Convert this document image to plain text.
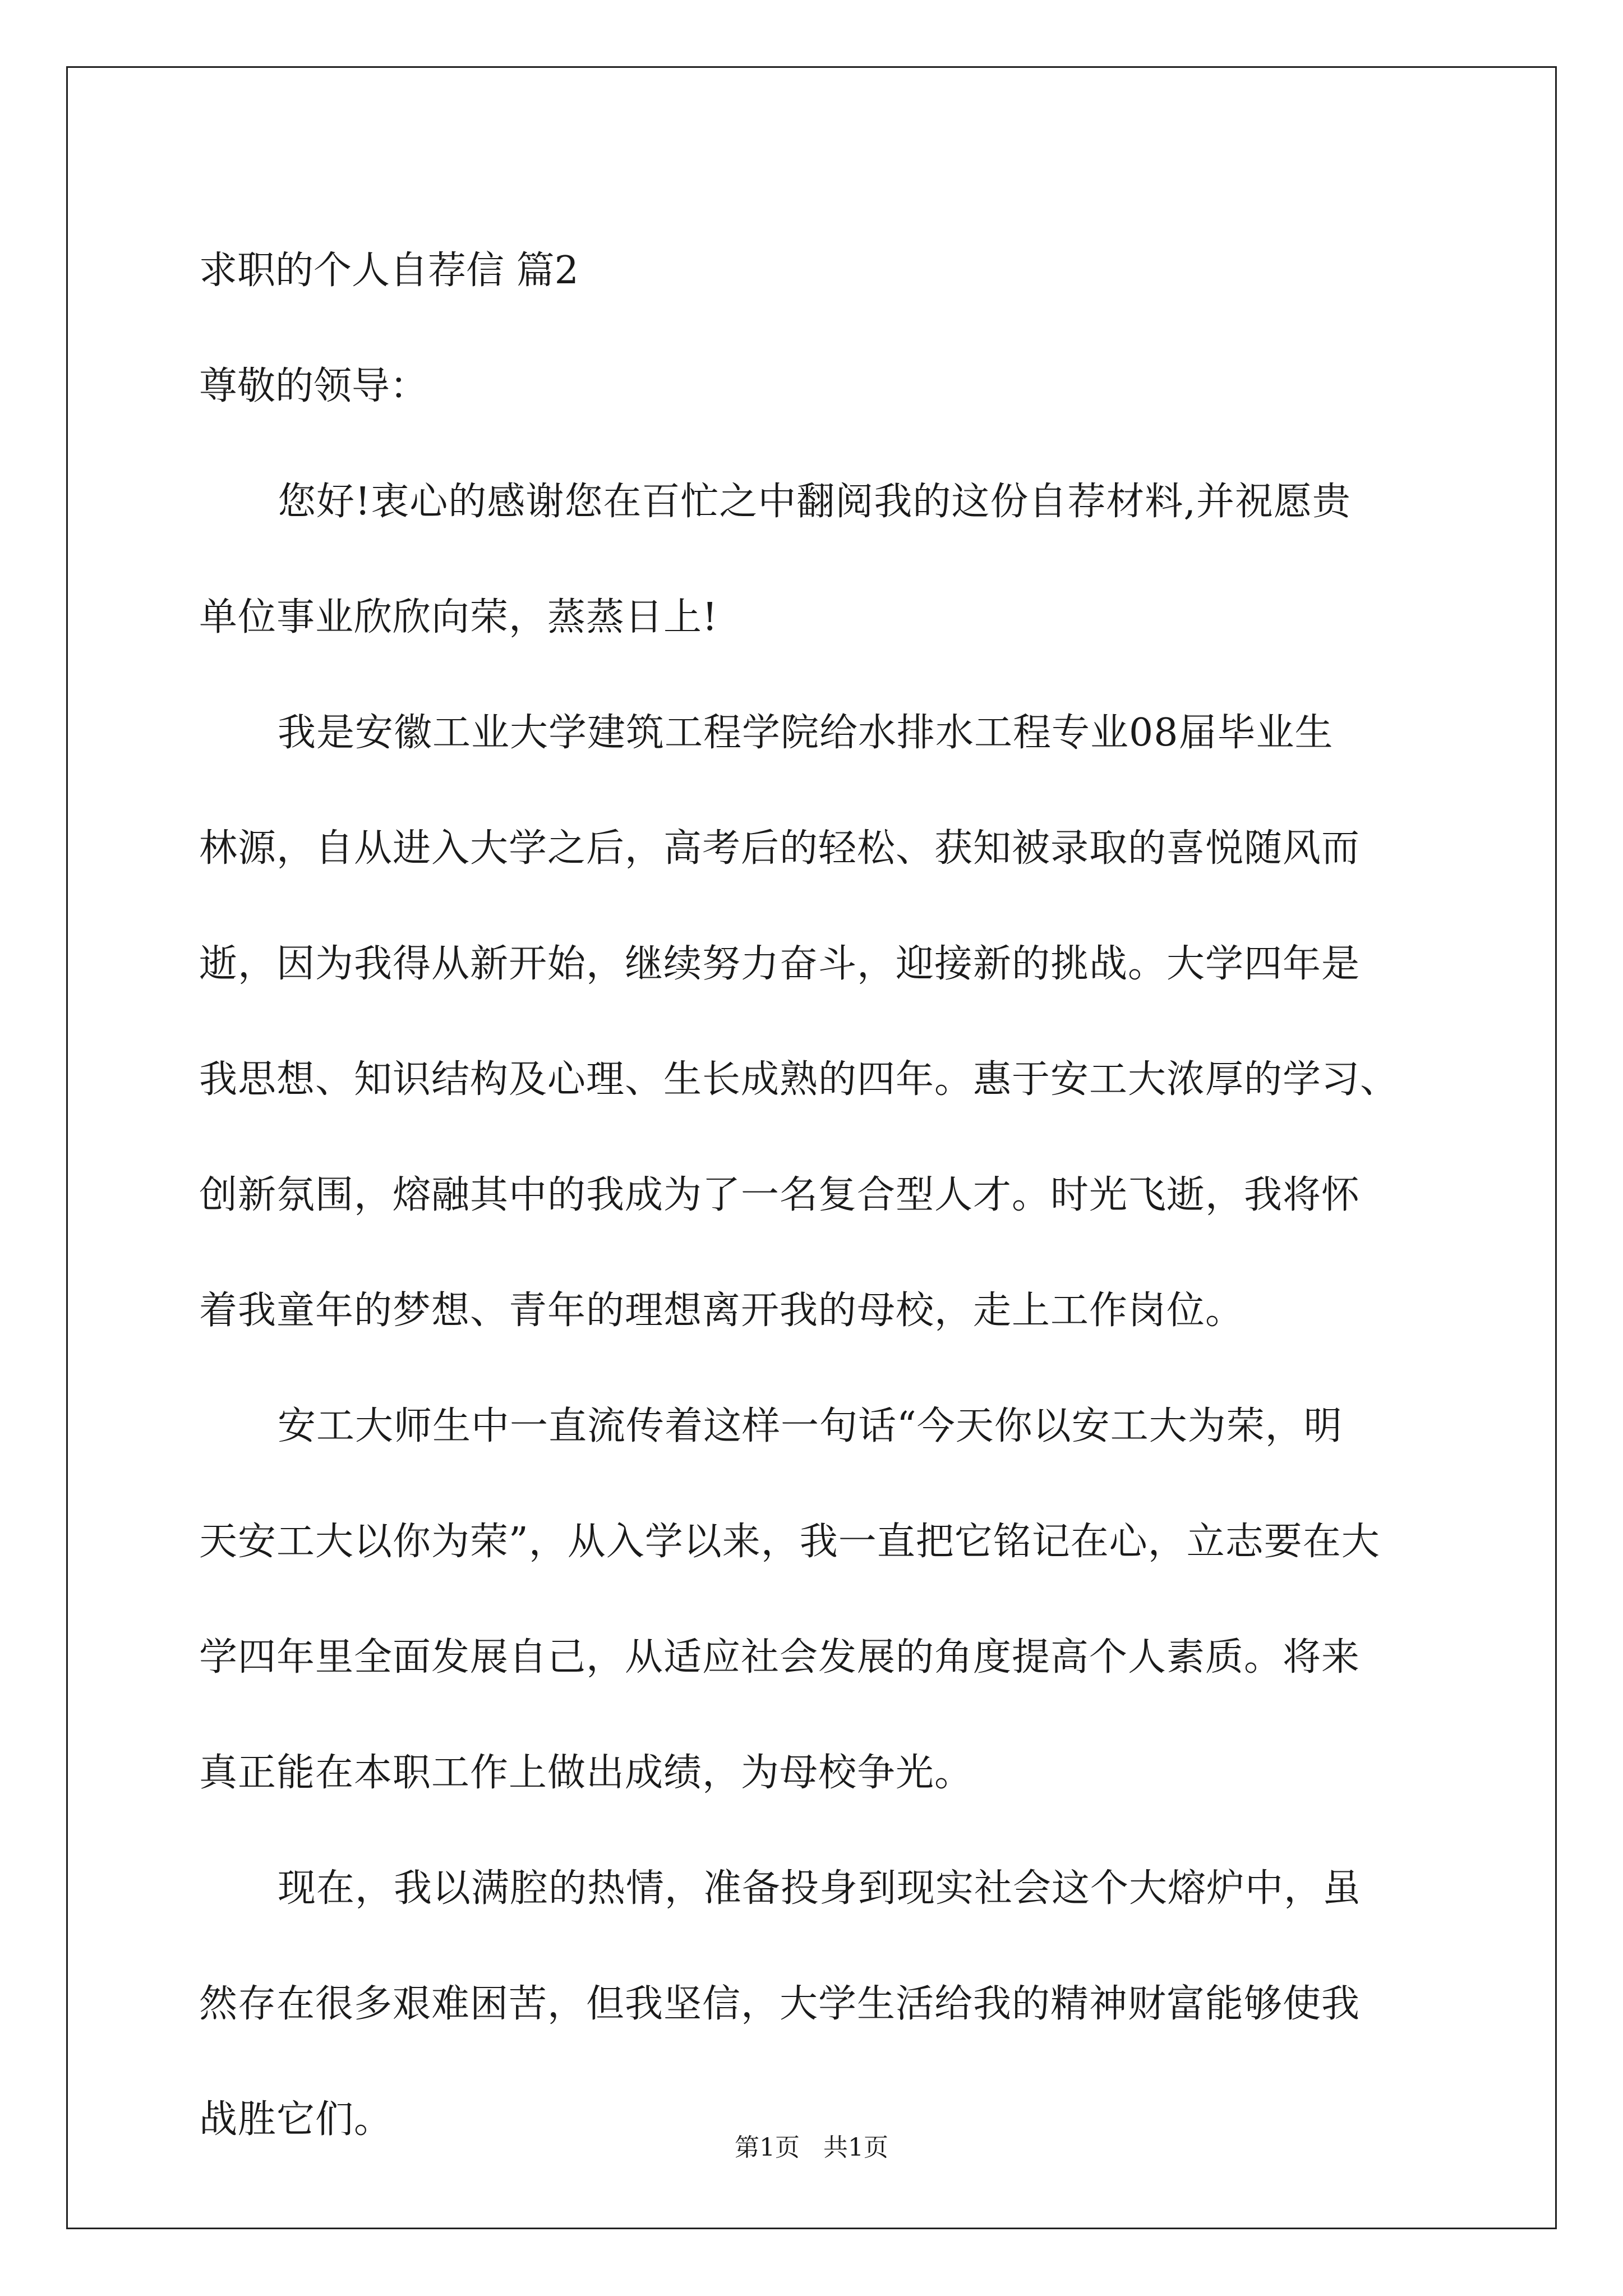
求职的个人自荐信 篇2
尊敬的领导：
您好!衷心的感谢您在百忙之中翻阅我的这份自荐材料,并祝愿贵
单位事业欣欣向荣，蒸蒸日上!
我是安徽工业大学建筑工程学院给水排水工程专业08届毕业生
林源，自从进入大学之后，高考后的轻松、获知被录取的喜悦随风而
逝，因为我得从新开始，继续努力奋斗，迎接新的挑战。大学四年是
我思想、知识结构及心理、生长成熟的四年。惠于安工大浓厚的学习、
创新氛围，熔融其中的我成为了一名复合型人才。时光飞逝，我将怀
着我童年的梦想、青年的理想离开我的母校，走上工作岗位。
安工大师生中一直流传着这样一句话“今天你以安工大为荣，明
天安工大以你为荣”，从入学以来，我一直把它铭记在心，立志要在大
学四年里全面发展自己，从适应社会发展的角度提高个人素质。将来
真正能在本职工作上做出成绩，为母校争光。
现在，我以满腔的热情，准备投身到现实社会这个大熔炉中，虽
然存在很多艰难困苦，但我坚信，大学生活给我的精神财富能够使我
战胜它们。
第1页   共1页
